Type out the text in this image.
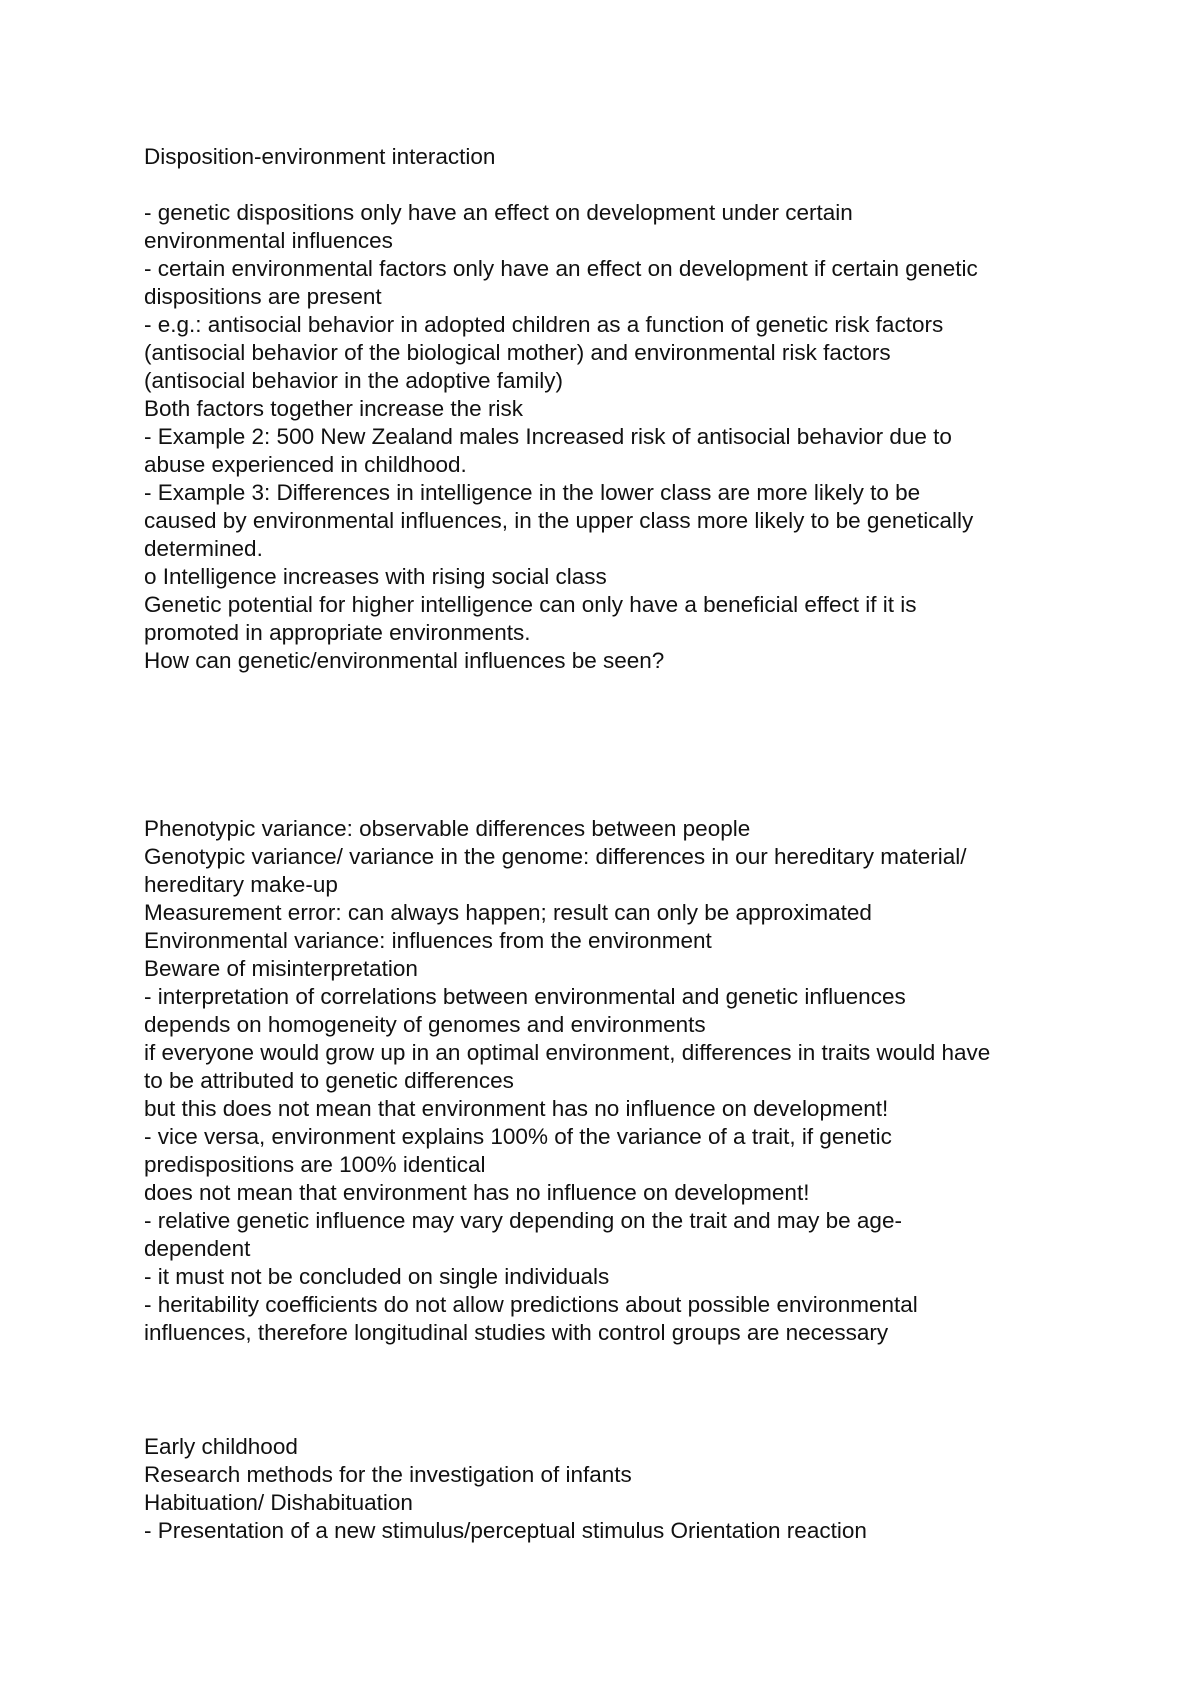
Disposition-environment interaction
- genetic dispositions only have an effect on development under certain
environmental influences
- certain environmental factors only have an effect on development if certain genetic
dispositions are present
- e.g.: antisocial behavior in adopted children as a function of genetic risk factors
(antisocial behavior of the biological mother) and environmental risk factors
(antisocial behavior in the adoptive family)
Both factors together increase the risk
- Example 2: 500 New Zealand males Increased risk of antisocial behavior due to
abuse experienced in childhood.
- Example 3: Differences in intelligence in the lower class are more likely to be
caused by environmental influences, in the upper class more likely to be genetically
determined.
o Intelligence increases with rising social class
Genetic potential for higher intelligence can only have a beneficial effect if it is
promoted in appropriate environments.
How can genetic/environmental influences be seen?
Phenotypic variance: observable differences between people
Genotypic variance/ variance in the genome: differences in our hereditary material/
hereditary make-up
Measurement error: can always happen; result can only be approximated
Environmental variance: influences from the environment
Beware of misinterpretation
- interpretation of correlations between environmental and genetic influences
depends on homogeneity of genomes and environments
if everyone would grow up in an optimal environment, differences in traits would have
to be attributed to genetic differences
but this does not mean that environment has no influence on development!
- vice versa, environment explains 100% of the variance of a trait, if genetic
predispositions are 100% identical
does not mean that environment has no influence on development!
- relative genetic influence may vary depending on the trait and may be age-
dependent
- it must not be concluded on single individuals
- heritability coefficients do not allow predictions about possible environmental
influences, therefore longitudinal studies with control groups are necessary
Early childhood
Research methods for the investigation of infants
Habituation/ Dishabituation
- Presentation of a new stimulus/perceptual stimulus Orientation reaction
